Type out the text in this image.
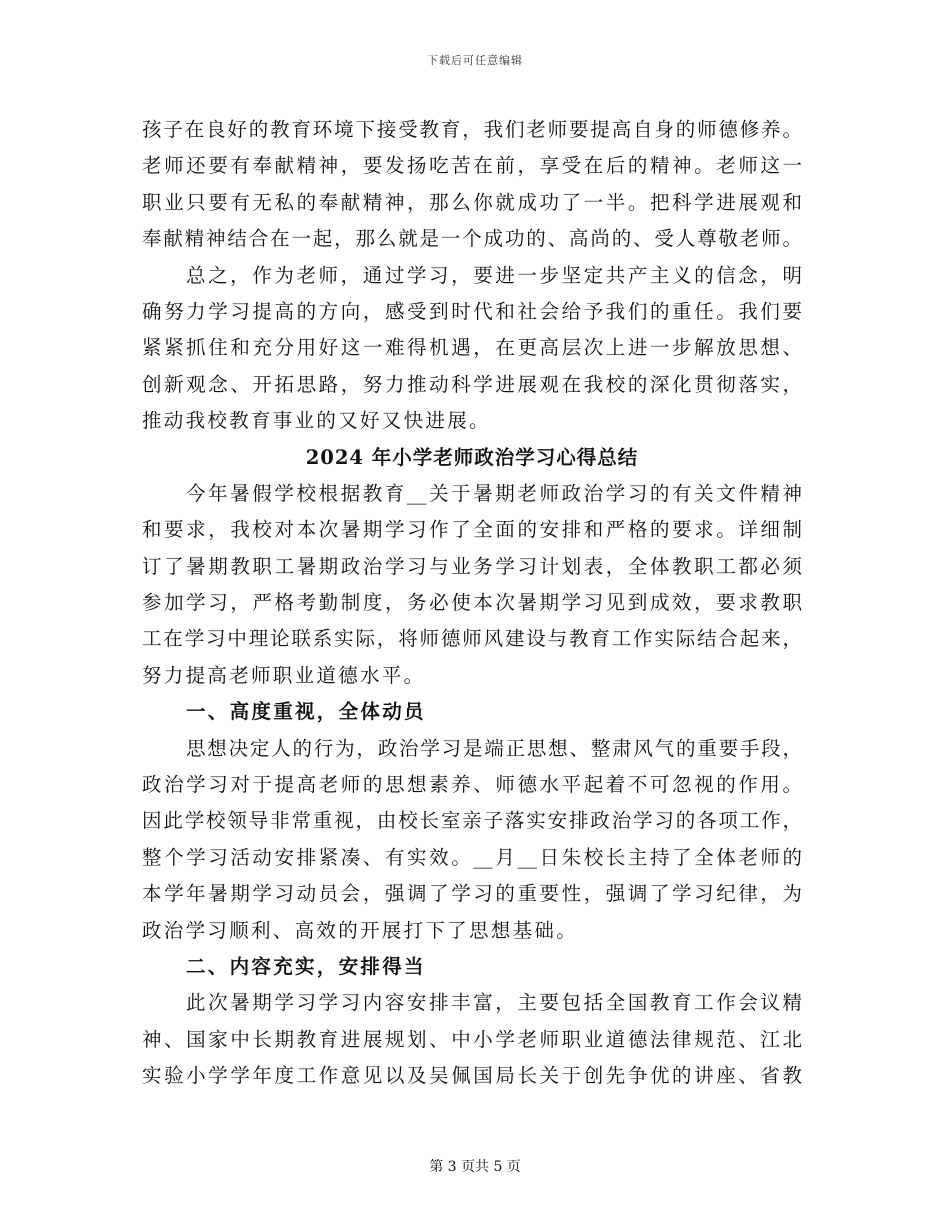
下载后可任意编辑
孩子在良好的教育环境下接受教育，我们老师要提高自身的师德修养。
老师还要有奉献精神，要发扬吃苦在前，享受在后的精神。老师这一
职业只要有无私的奉献精神，那么你就成功了一半。把科学进展观和
奉献精神结合在一起，那么就是一个成功的、高尚的、受人尊敬老师。
总之，作为老师，通过学习，要进一步坚定共产主义的信念，明
确努力学习提高的方向，感受到时代和社会给予我们的重任。我们要
紧紧抓住和充分用好这一难得机遇，在更高层次上进一步解放思想、
创新观念、开拓思路，努力推动科学进展观在我校的深化贯彻落实，
推动我校教育事业的又好又快进展。
2024 年小学老师政治学习心得总结
今年暑假学校根据教育__关于暑期老师政治学习的有关文件精神
和要求，我校对本次暑期学习作了全面的安排和严格的要求。详细制
订了暑期教职工暑期政治学习与业务学习计划表，全体教职工都必须
参加学习，严格考勤制度，务必使本次暑期学习见到成效，要求教职
工在学习中理论联系实际，将师德师风建设与教育工作实际结合起来，
努力提高老师职业道德水平。
一、高度重视，全体动员
思想决定人的行为，政治学习是端正思想、整肃风气的重要手段，
政治学习对于提高老师的思想素养、师德水平起着不可忽视的作用。
因此学校领导非常重视，由校长室亲子落实安排政治学习的各项工作，
整个学习活动安排紧凑、有实效。__月__日朱校长主持了全体老师的
本学年暑期学习动员会，强调了学习的重要性，强调了学习纪律，为
政治学习顺利、高效的开展打下了思想基础。
二、内容充实，安排得当
此次暑期学习学习内容安排丰富，主要包括全国教育工作会议精
神、国家中长期教育进展规划、中小学老师职业道德法律规范、江北
实验小学学年度工作意见以及吴佩国局长关于创先争优的讲座、省教
第 3 页共 5 页
